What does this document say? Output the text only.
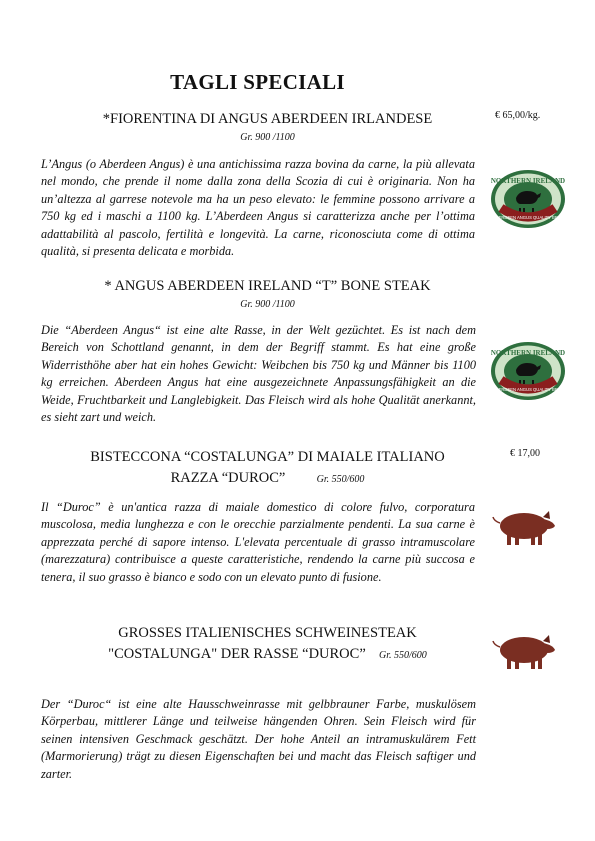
TAGLI SPECIALI
*FIORENTINA DI ANGUS ABERDEEN IRLANDESE
Gr. 900 /1100
€ 65,00/kg.
L’Angus (o Aberdeen Angus) è una antichissima razza bovina da carne, la più allevata nel mondo, che prende il nome dalla zona della Scozia di cui è originaria. Non ha un’altezza al garrese notevole ma ha un peso elevato: le femmine possono arrivare a 750 kg ed i maschi a 1100 kg. L’Aberdeen Angus si caratterizza anche per l’ottima adattabilità al pascolo, fertilità e longevità. La carne, riconosciuta come di ottima qualità, si presenta delicata e morbida.
NORTHERN IRELAND
ABERDEEN ANGUS QUALITY BEEF
* ANGUS ABERDEEN IRELAND “T” BONE STEAK
Gr. 900 /1100
Die “Aberdeen Angus“ ist eine alte Rasse, in der Welt gezüchtet. Es ist nach dem Bereich von Schottland genannt, in dem der Begriff stammt. Es hat eine große Widerristhöhe aber hat ein hohes Gewicht: Weibchen bis 750 kg und Männer bis 1100 kg erreichen. Aberdeen Angus hat eine ausgezeichnete Anpassungsfähigkeit an die Weide, Fruchtbarkeit und Langlebigkeit. Das Fleisch wird als hohe Qualität anerkannt, es sieht zart und weich.
NORTHERN IRELAND
ABERDEEN ANGUS QUALITY BEEF
BISTECCONA “COSTALUNGA” DI MAIALE ITALIANO
RAZZA “DUROC”	Gr. 550/600
€ 17,00
Il “Duroc” è un'antica razza di maiale domestico di colore fulvo, corporatura muscolosa, media lunghezza e con le orecchie parzialmente pendenti. La sua carne è apprezzata perché di sapore intenso. L'elevata percentuale di grasso intramuscolare (marezzatura) contribuisce a queste caratteristiche, rendendo la carne più succosa e tenera, il suo grasso è bianco e sodo con un elevato punto di fusione.
GROSSES ITALIENISCHES SCHWEINESTEAK
"COSTALUNGA" DER RASSE “DUROC” Gr. 550/600
Der “Duroc“ ist eine alte Hausschweinrasse mit gelbbrauner Farbe, muskulösem Körperbau, mittlerer Länge und teilweise hängenden Ohren. Sein Fleisch wird für seinen intensiven Geschmack geschätzt. Der hohe Anteil an intramuskulärem Fett (Marmorierung) trägt zu diesen Eigenschaften bei und macht das Fleisch saftiger und zarter.
